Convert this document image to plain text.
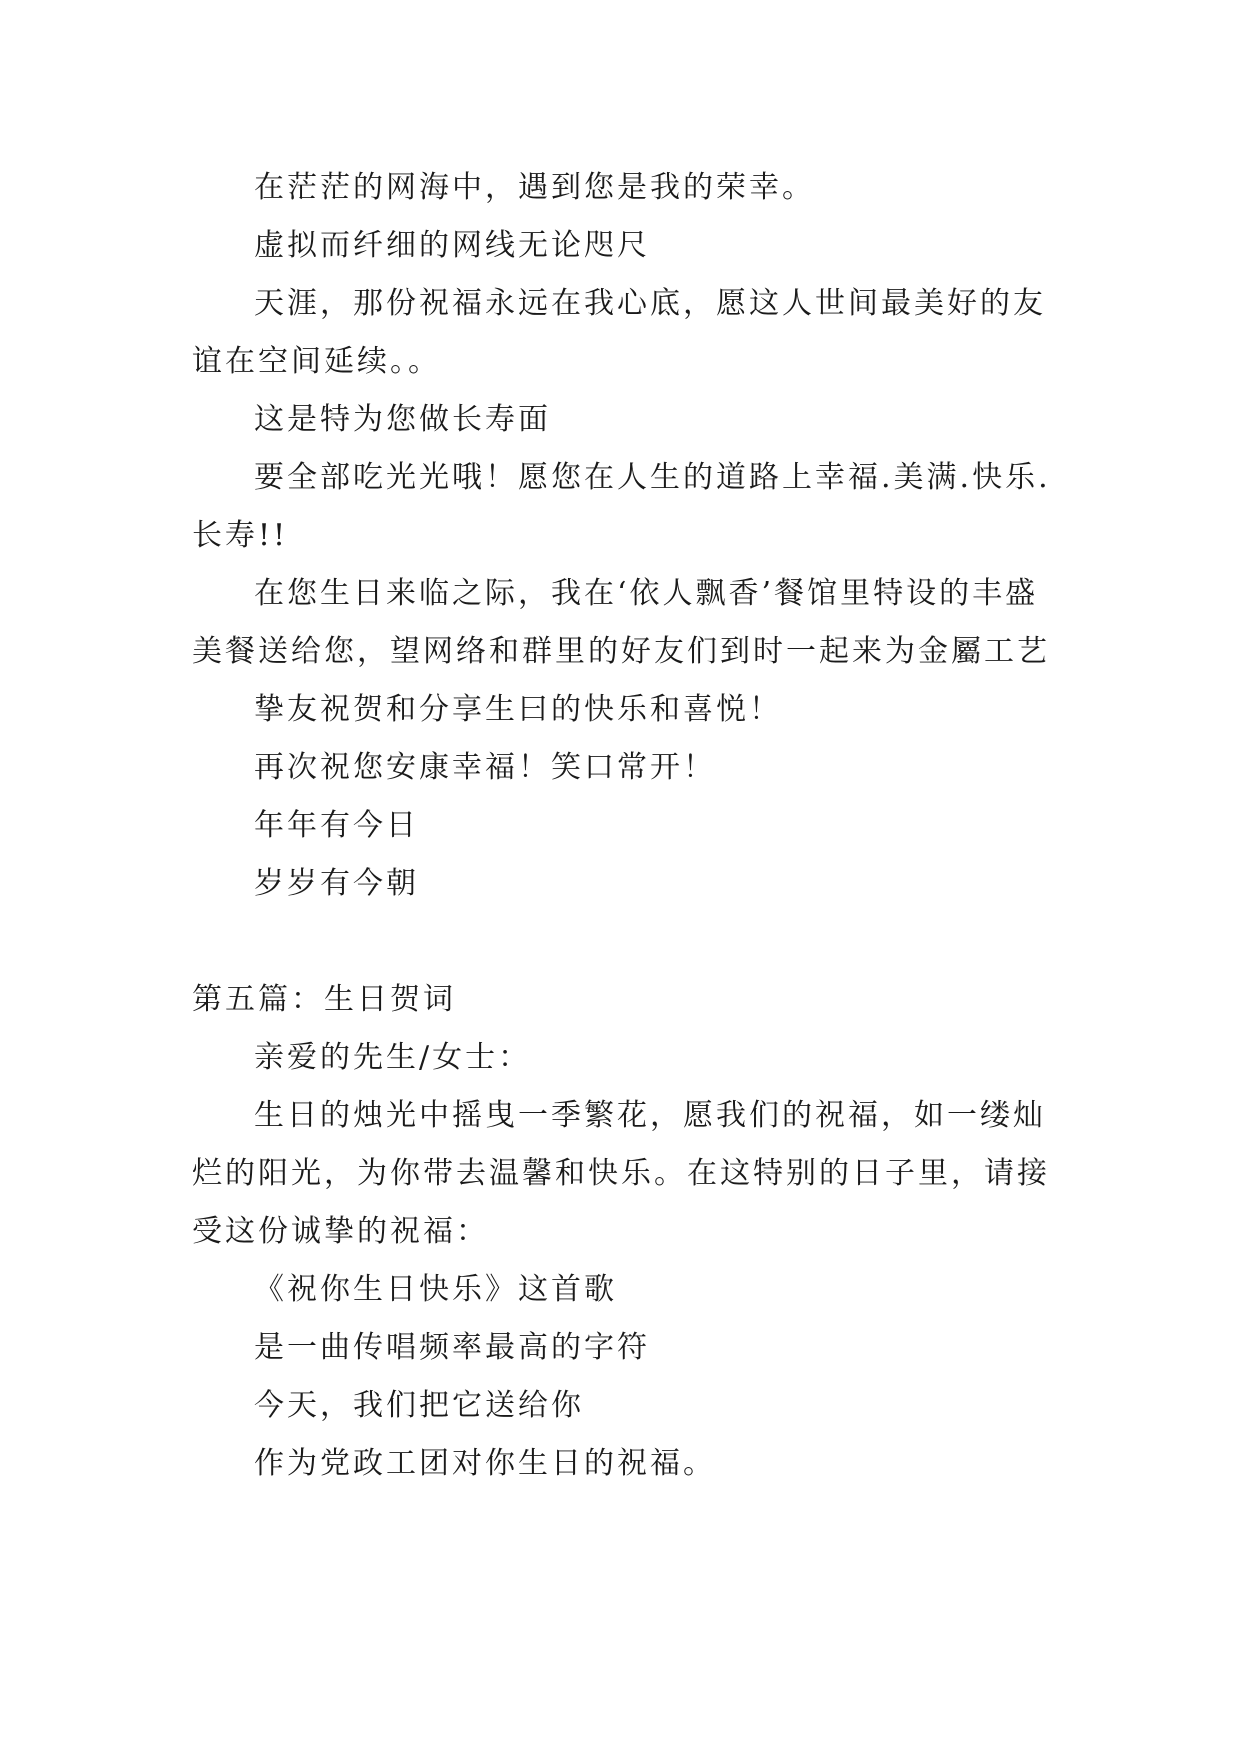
在茫茫的网海中，遇到您是我的荣幸。

虚拟而纤细的网线无论咫尺

天涯，那份祝福永远在我心底，愿这人世间最美好的友谊在空间延续。。

这是特为您做长寿面

要全部吃光光哦！愿您在人生的道路上幸福.美满.快乐.长寿!!

在您生日来临之际，我在‘依人飘香’餐馆里特设的丰盛美餐送给您，望网络和群里的好友们到时一起来为金屬工艺

挚友祝贺和分享生曰的快乐和喜悦！

再次祝您安康幸福！笑口常开！

年年有今日

岁岁有今朝

第五篇：生日贺词

亲爱的先生/女士：

生日的烛光中摇曳一季繁花，愿我们的祝福，如一缕灿烂的阳光，为你带去温馨和快乐。在这特别的日子里，请接受这份诚挚的祝福：

《祝你生日快乐》这首歌

是一曲传唱频率最高的字符

今天，我们把它送给你

作为党政工团对你生日的祝福。
